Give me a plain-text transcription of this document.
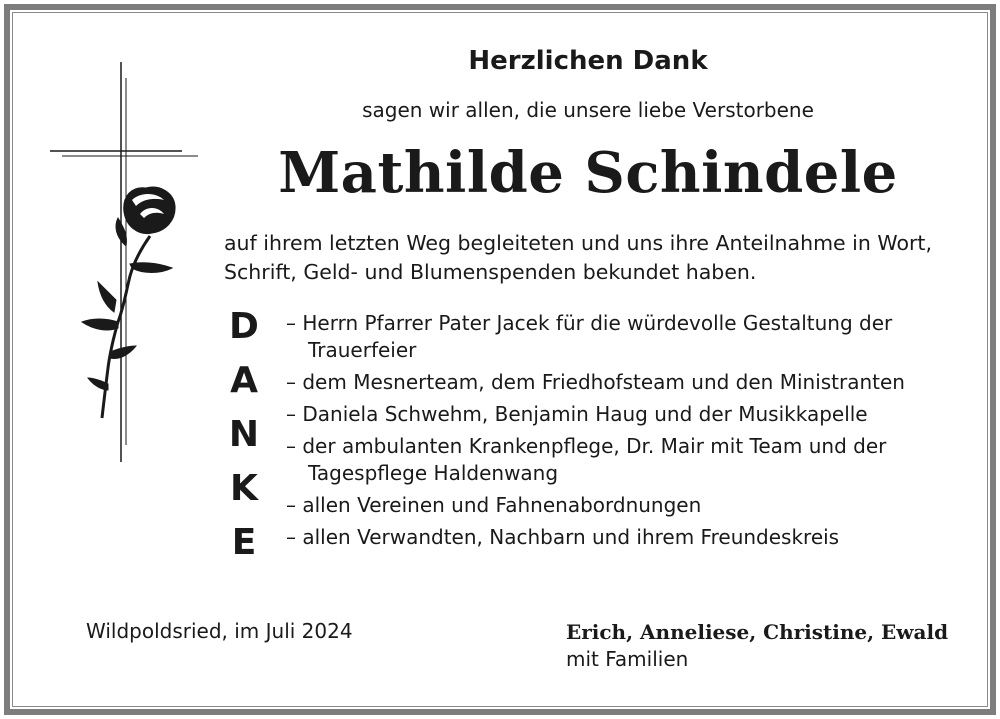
Herzlichen Dank
sagen wir allen, die unsere liebe Verstorbene
Mathilde Schindele
auf ihrem letzten Weg begleiteten und uns ihre Anteilnahme in Wort,
Schrift, Geld- und Blumenspenden bekundet haben.
D
A
N
K
E
– Herrn Pfarrer Pater Jacek für die würdevolle Gestaltung der Trauerfeier
– dem Mesnerteam, dem Friedhofsteam und den Ministranten
– Daniela Schwehm, Benjamin Haug und der Musikkapelle
– der ambulanten Krankenpflege, Dr. Mair mit Team und der Tagespflege Haldenwang
– allen Vereinen und Fahnenabordnungen
– allen Verwandten, Nachbarn und ihrem Freundeskreis
Wildpoldsried, im Juli 2024	Erich, Anneliese, Christine, Ewald
mit Familien
